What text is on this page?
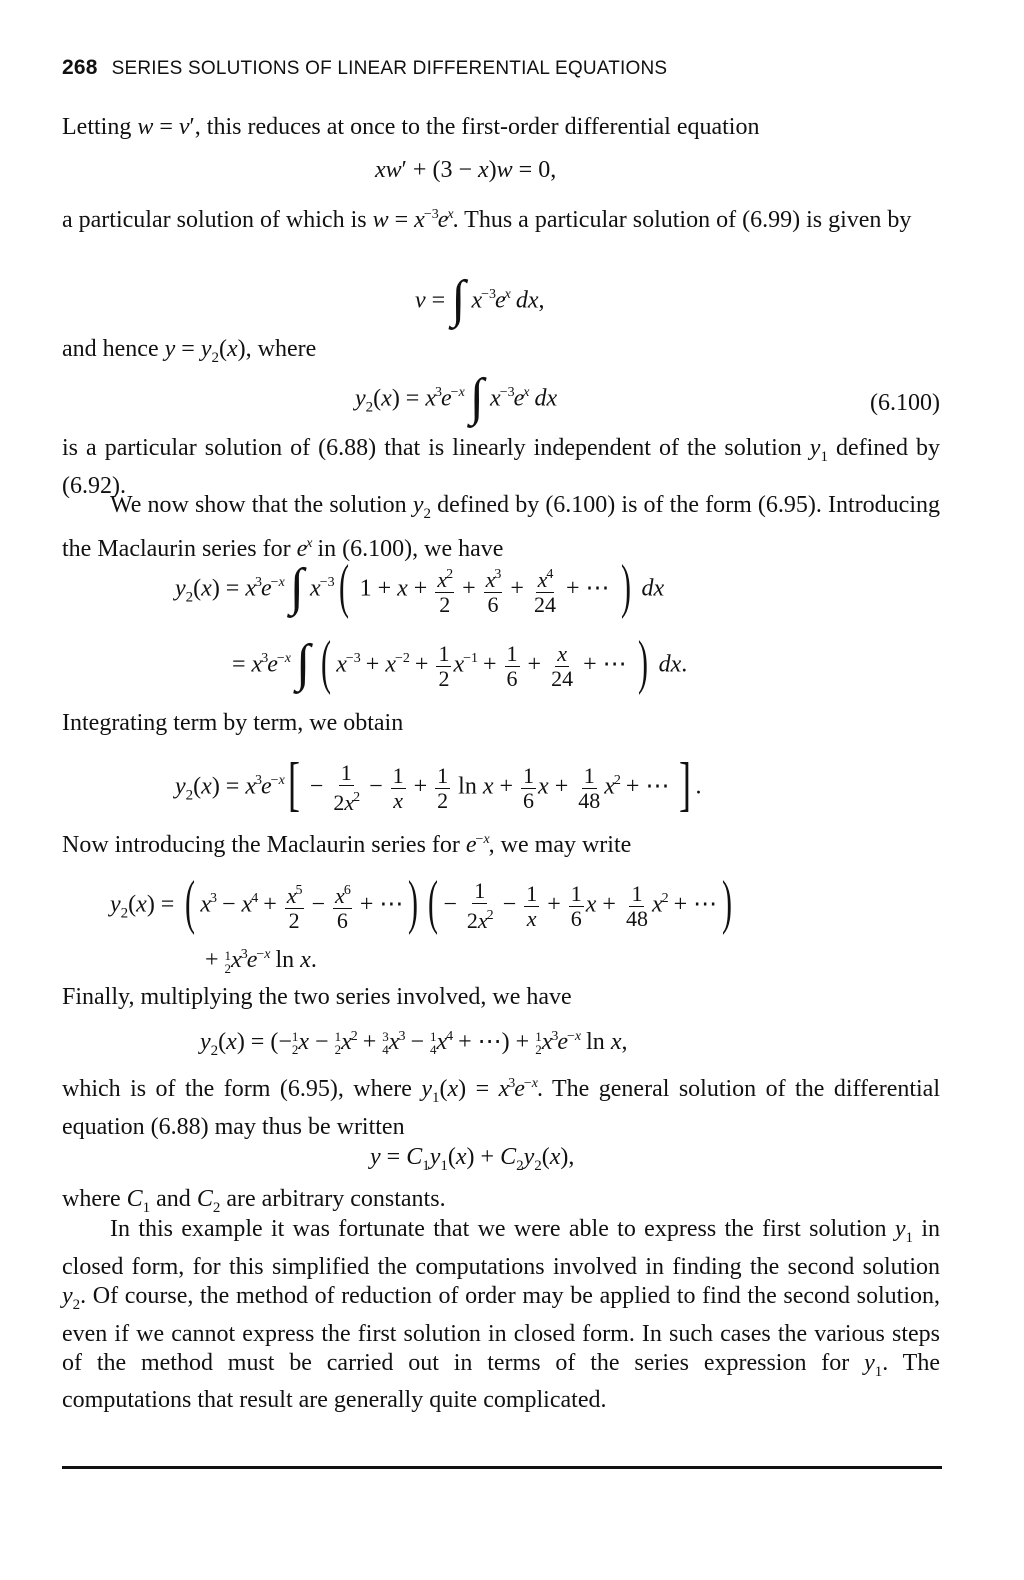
268 SERIES SOLUTIONS OF LINEAR DIFFERENTIAL EQUATIONS
Letting w = v′, this reduces at once to the first-order differential equation
xw′ + (3 − x)w = 0,
a particular solution of which is $w = x^{-3}e^x$. Thus a particular solution of (6.99) is given by
v = ∫ $x^{-3}e^x$ dx,
and hence $y = y_2(x)$, where
$y_2(x) = x^3e^{-x}$ ∫ $x^{-3}e^x$ dx	(6.100)
is a particular solution of (6.88) that is linearly independent of the solution $y_1$ defined by (6.92).
We now show that the solution $y_2$ defined by (6.100) is of the form (6.95). Introducing the Maclaurin series for $e^x$ in (6.100), we have
$y_2(x) = x^3e^{-x}$ ∫ $x^{-3}$( $1 + x + \frac{x^2}{2} + \frac{x^3}{6} + \frac{x^4}{24}$ + ⋯ ) dx
= $x^3e^{-x}$ ∫ ( $x^{-3} + x^{-2} + \frac{1}{2} x^{-1} + \frac{1}{6} + \frac{x}{24}$ + ⋯ ) dx.
Integrating term by term, we obtain
$y_2(x) = x^3e^{-x}[ - \frac{1}{2x^2} - \frac{1}{x} + \frac{1}{2}$ $\ln x + \frac{1}{6}$ $x + \frac{1}{48} x^2$ + ⋯ ] .
Now introducing the Maclaurin series for $e^{-x}$, we may write
$y_2(x)$ = ( $x^3 - x^4 + \frac{x^5}{2} - \frac{x^6}{6}$ + ⋯) ( − $\frac{1}{2x^2} - \frac{1}{x} + \frac{1}{6}$ $x + \frac{1}{48} x^2$ + ⋯)
+ 1
2 $x^3e^{-x}$ ln x.
Finally, multiplying the two series involved, we have
$y_2(x)$ = (− 1
2 x − 1
2 $x^2 + 3$
4 $x^3 - 1$
4 $x^4$ + ⋯) + 1
2 $x^3e^{-x}$ ln x,
which is of the form (6.95), where $y_1(x) = x^3e^{-x}$. The general solution of the differential equation (6.88) may thus be written
$y = C_1y_1(x) + C_2y_2(x)$,
where $C_1$ and $C_2$ are arbitrary constants.
In this example it was fortunate that we were able to express the first solution $y_1$ in closed form, for this simplified the computations involved in finding the second solution $y_2$. Of course, the method of reduction of order may be applied to find the second solution, even if we cannot express the first solution in closed form. In such cases the various steps of the method must be carried out in terms of the series expression for $y_1$. The computations that result are generally quite complicated.
